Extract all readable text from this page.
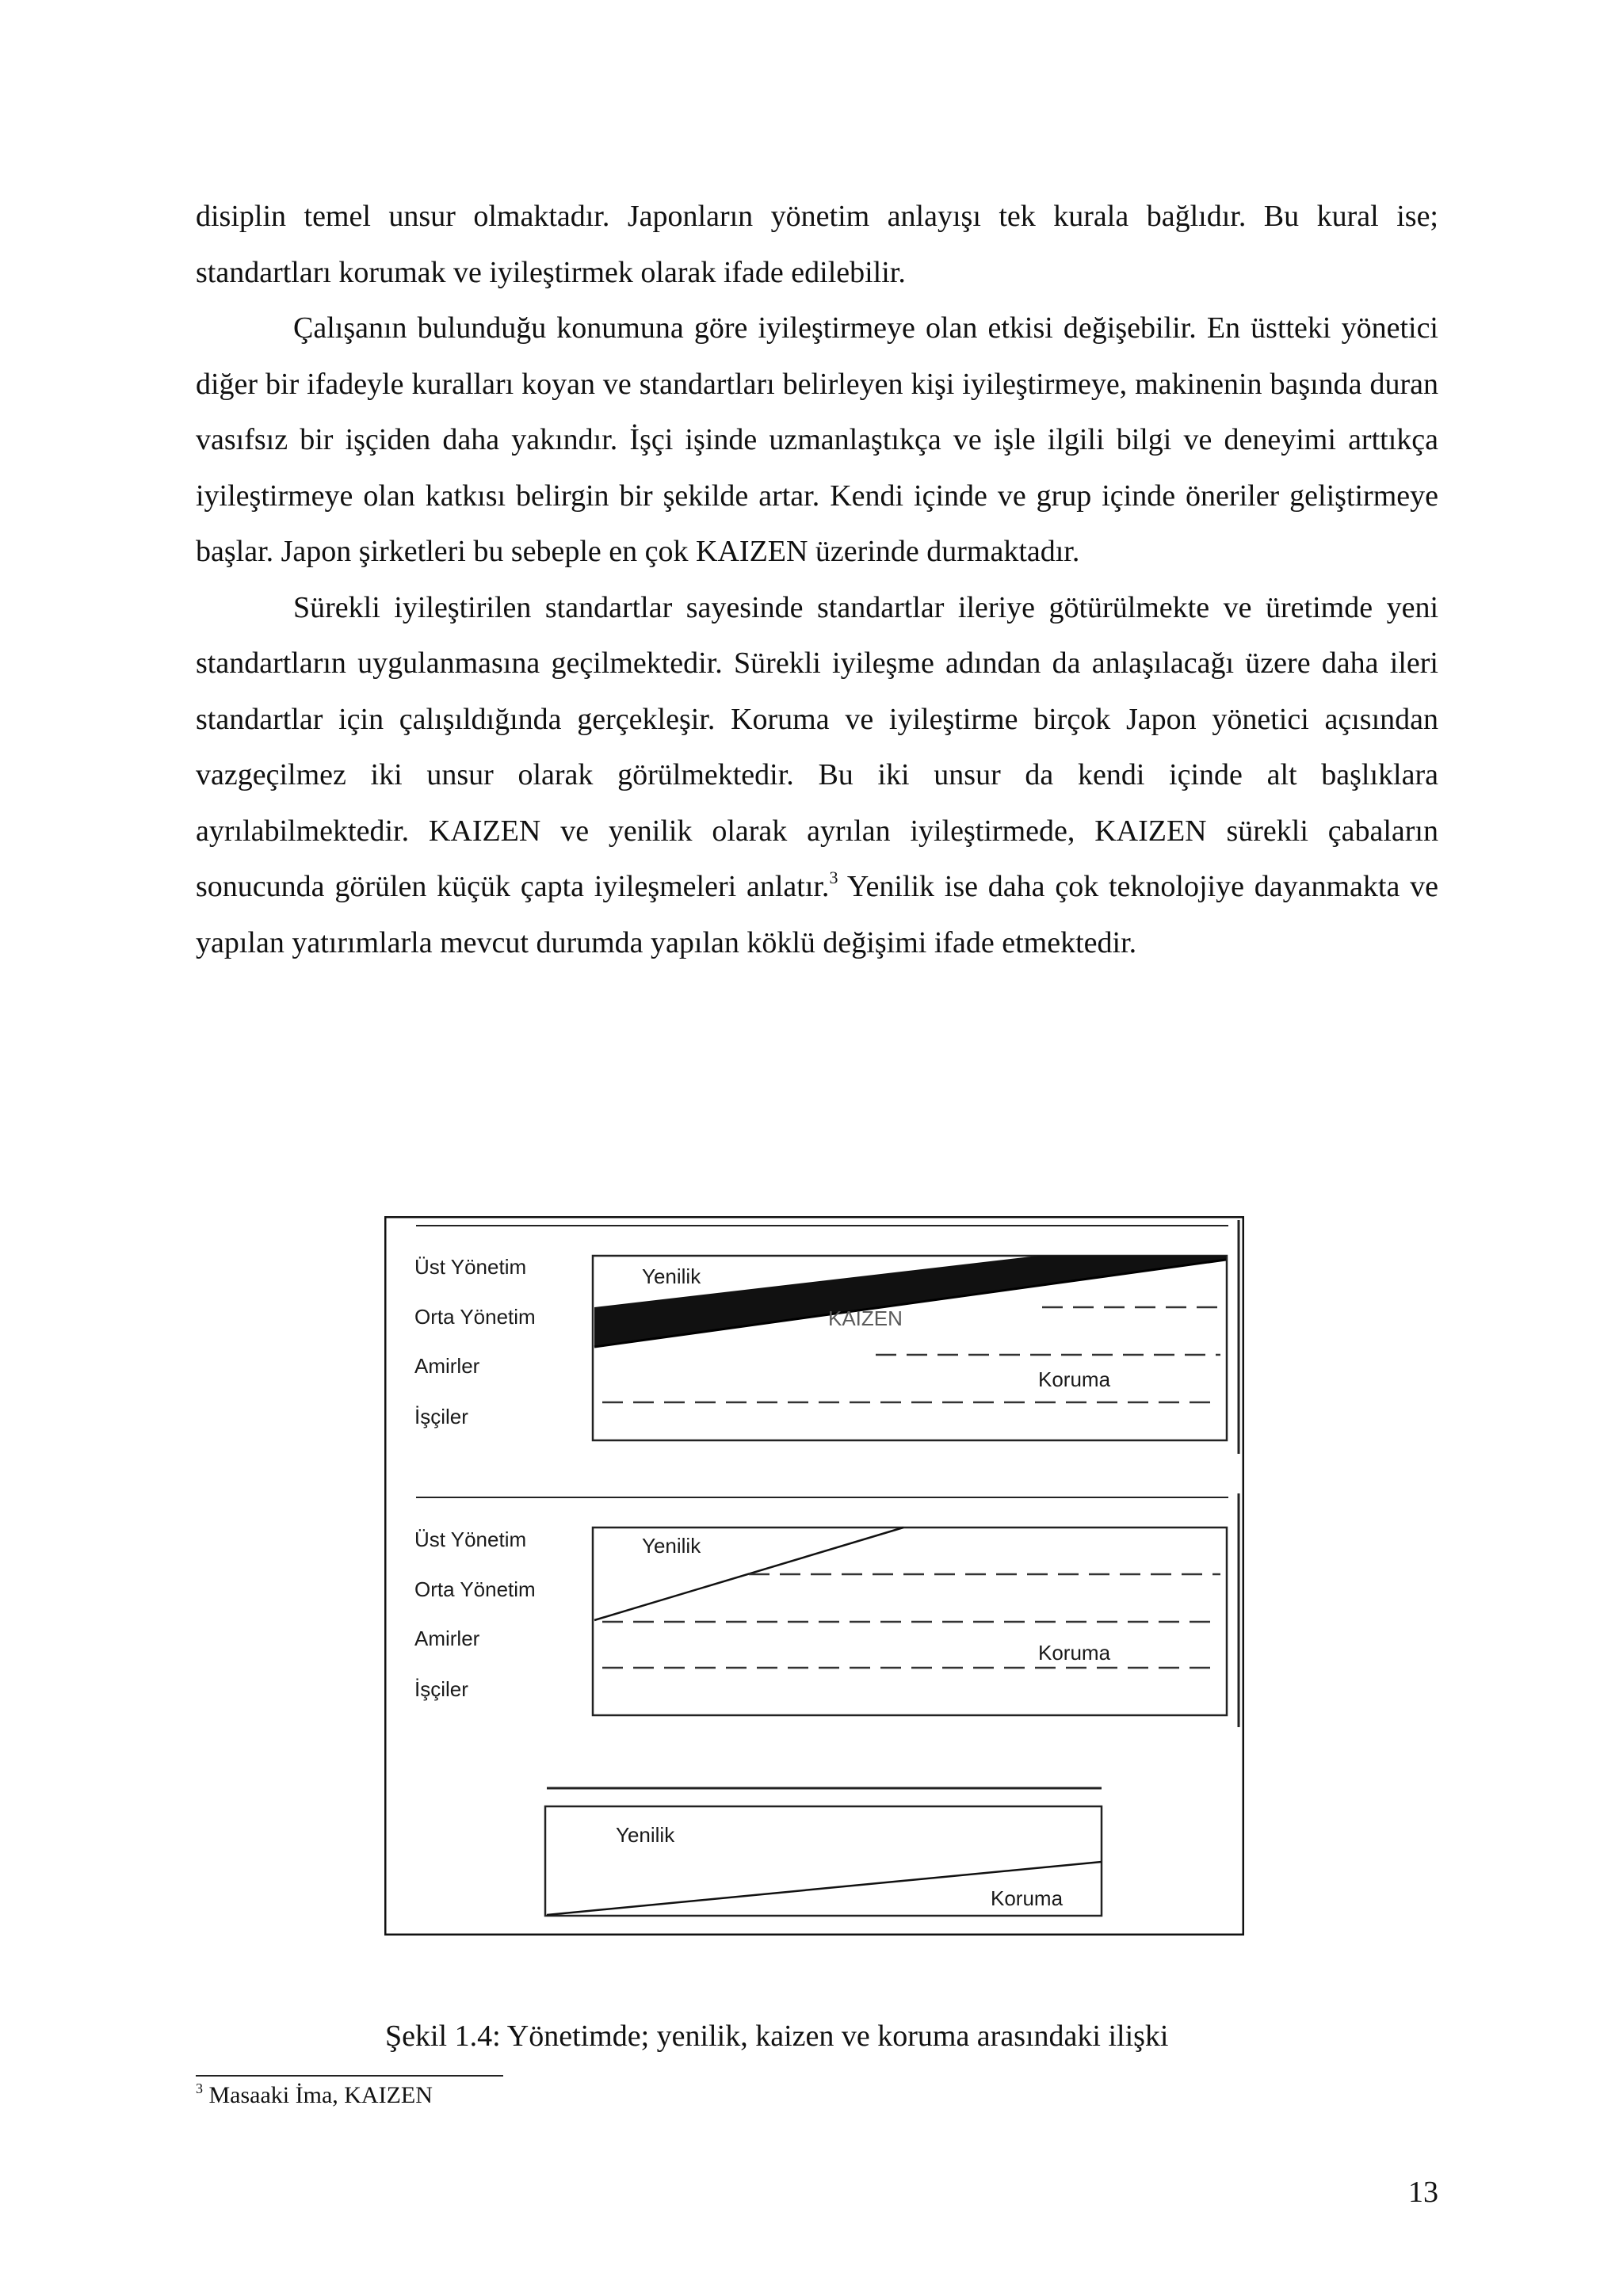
disiplin temel unsur olmaktadır. Japonların yönetim anlayışı tek kurala bağlıdır. Bu kural ise; standartları korumak ve iyileştirmek olarak ifade edilebilir.

Çalışanın bulunduğu konumuna göre iyileştirmeye olan etkisi değişebilir. En üstteki yönetici diğer bir ifadeyle kuralları koyan ve standartları belirleyen kişi iyileştirmeye, makinenin başında duran vasıfsız bir işçiden daha yakındır. İşçi işinde uzmanlaştıkça ve işle ilgili bilgi ve deneyimi arttıkça iyileştirmeye olan katkısı belirgin bir şekilde artar. Kendi içinde ve grup içinde öneriler geliştirmeye başlar. Japon şirketleri bu sebeple en çok KAIZEN üzerinde durmaktadır.

Sürekli iyileştirilen standartlar sayesinde standartlar ileriye götürülmekte ve üretimde yeni standartların uygulanmasına geçilmektedir. Sürekli iyileşme adından da anlaşılacağı üzere daha ileri standartlar için çalışıldığında gerçekleşir. Koruma ve iyileştirme birçok Japon yönetici açısından vazgeçilmez iki unsur olarak görülmektedir. Bu iki unsur da kendi içinde alt başlıklara ayrılabilmektedir. KAIZEN ve yenilik olarak ayrılan iyileştirmede, KAIZEN sürekli çabaların sonucunda görülen küçük çapta iyileşmeleri anlatır.$^3$ Yenilik ise daha çok teknolojiye dayanmakta ve yapılan yatırımlarla mevcut durumda yapılan köklü değişimi ifade etmektedir.

Üst Yönetim
Orta Yönetim
Amirler
İşçiler
Yenilik
KAIZEN
Koruma
Üst Yönetim
Orta Yönetim
Amirler
İşçiler
Yenilik
Koruma
Yenilik
Koruma

Şekil 1.4: Yönetimde; yenilik, kaizen ve koruma arasındaki ilişki

$^3$ Masaaki İma, KAIZEN

13
